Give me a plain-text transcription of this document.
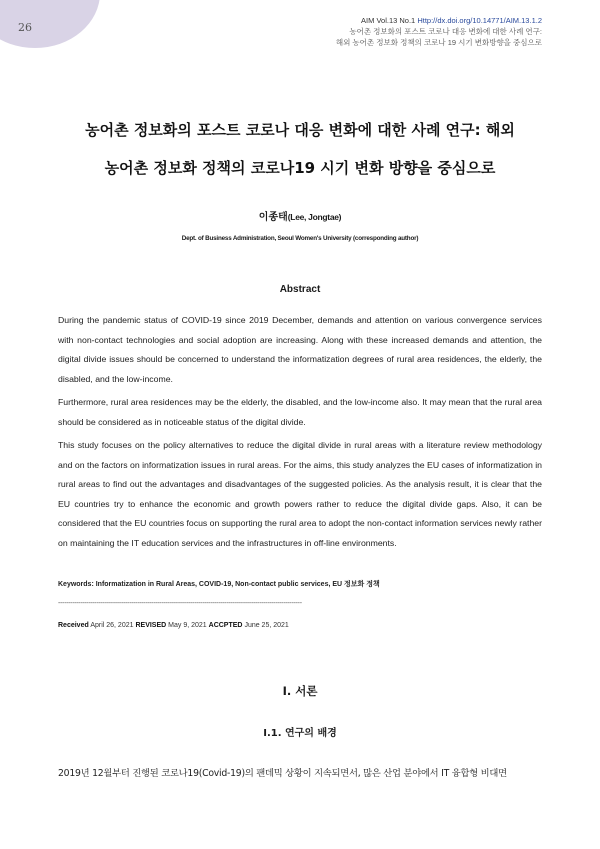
26
AIM Vol.13 No.1 Http://dx.doi.org/10.14771/AIM.13.1.2
농어촌 정보화의 포스트 코로나 대응 변화에 대한 사례 연구:
해외 농어촌 정보화 정책의 코로나 19 시기 변화방향을 중심으로
농어촌 정보화의 포스트 코로나 대응 변화에 대한 사례 연구: 해외
농어촌 정보화 정책의 코로나19 시기 변화 방향을 중심으로
이종태(Lee, Jongtae)
Dept. of Business Administration, Seoul Women's University (corresponding author)
Abstract

During the pandemic status of COVID-19 since 2019 December, demands and attention on various convergence services with non-contact technologies and social adoption are increasing. Along with these increased demands and attention, the digital divide issues should be concerned to understand the informatization degrees of rural area residences, the elderly, the disabled, and the low-income.

Furthermore, rural area residences may be the elderly, the disabled, and the low-income also. It may mean that the rural area should be considered as in noticeable status of the digital divide.

This study focuses on the policy alternatives to reduce the digital divide in rural areas with a literature review methodology and on the factors on informatization issues in rural areas. For the aims, this study analyzes the EU cases of informatization in rural areas to find out the advantages and disadvantages of the suggested policies. As the analysis result, it is clear that the EU countries try to enhance the economic and growth powers rather to reduce the digital divide gaps. Also, it can be considered that the EU countries focus on supporting the rural area to adopt the non-contact information services newly rather on maintaining the IT education services and the infrastructures in off-line environments.

Keywords: Informatization in Rural Areas, COVID-19, Non-contact public services, EU 정보화 정책
------------------------------------------------------------------------------------------------------------------------
Received April 26, 2021 REVISED May 9, 2021 ACCPTED June 25, 2021
I. 서론
I.1. 연구의 배경
2019년 12월부터 진행된 코로나19(Covid-19)의 팬데믹 상황이 지속되면서, 많은 산업 분야에서 IT 융합형 비대면
